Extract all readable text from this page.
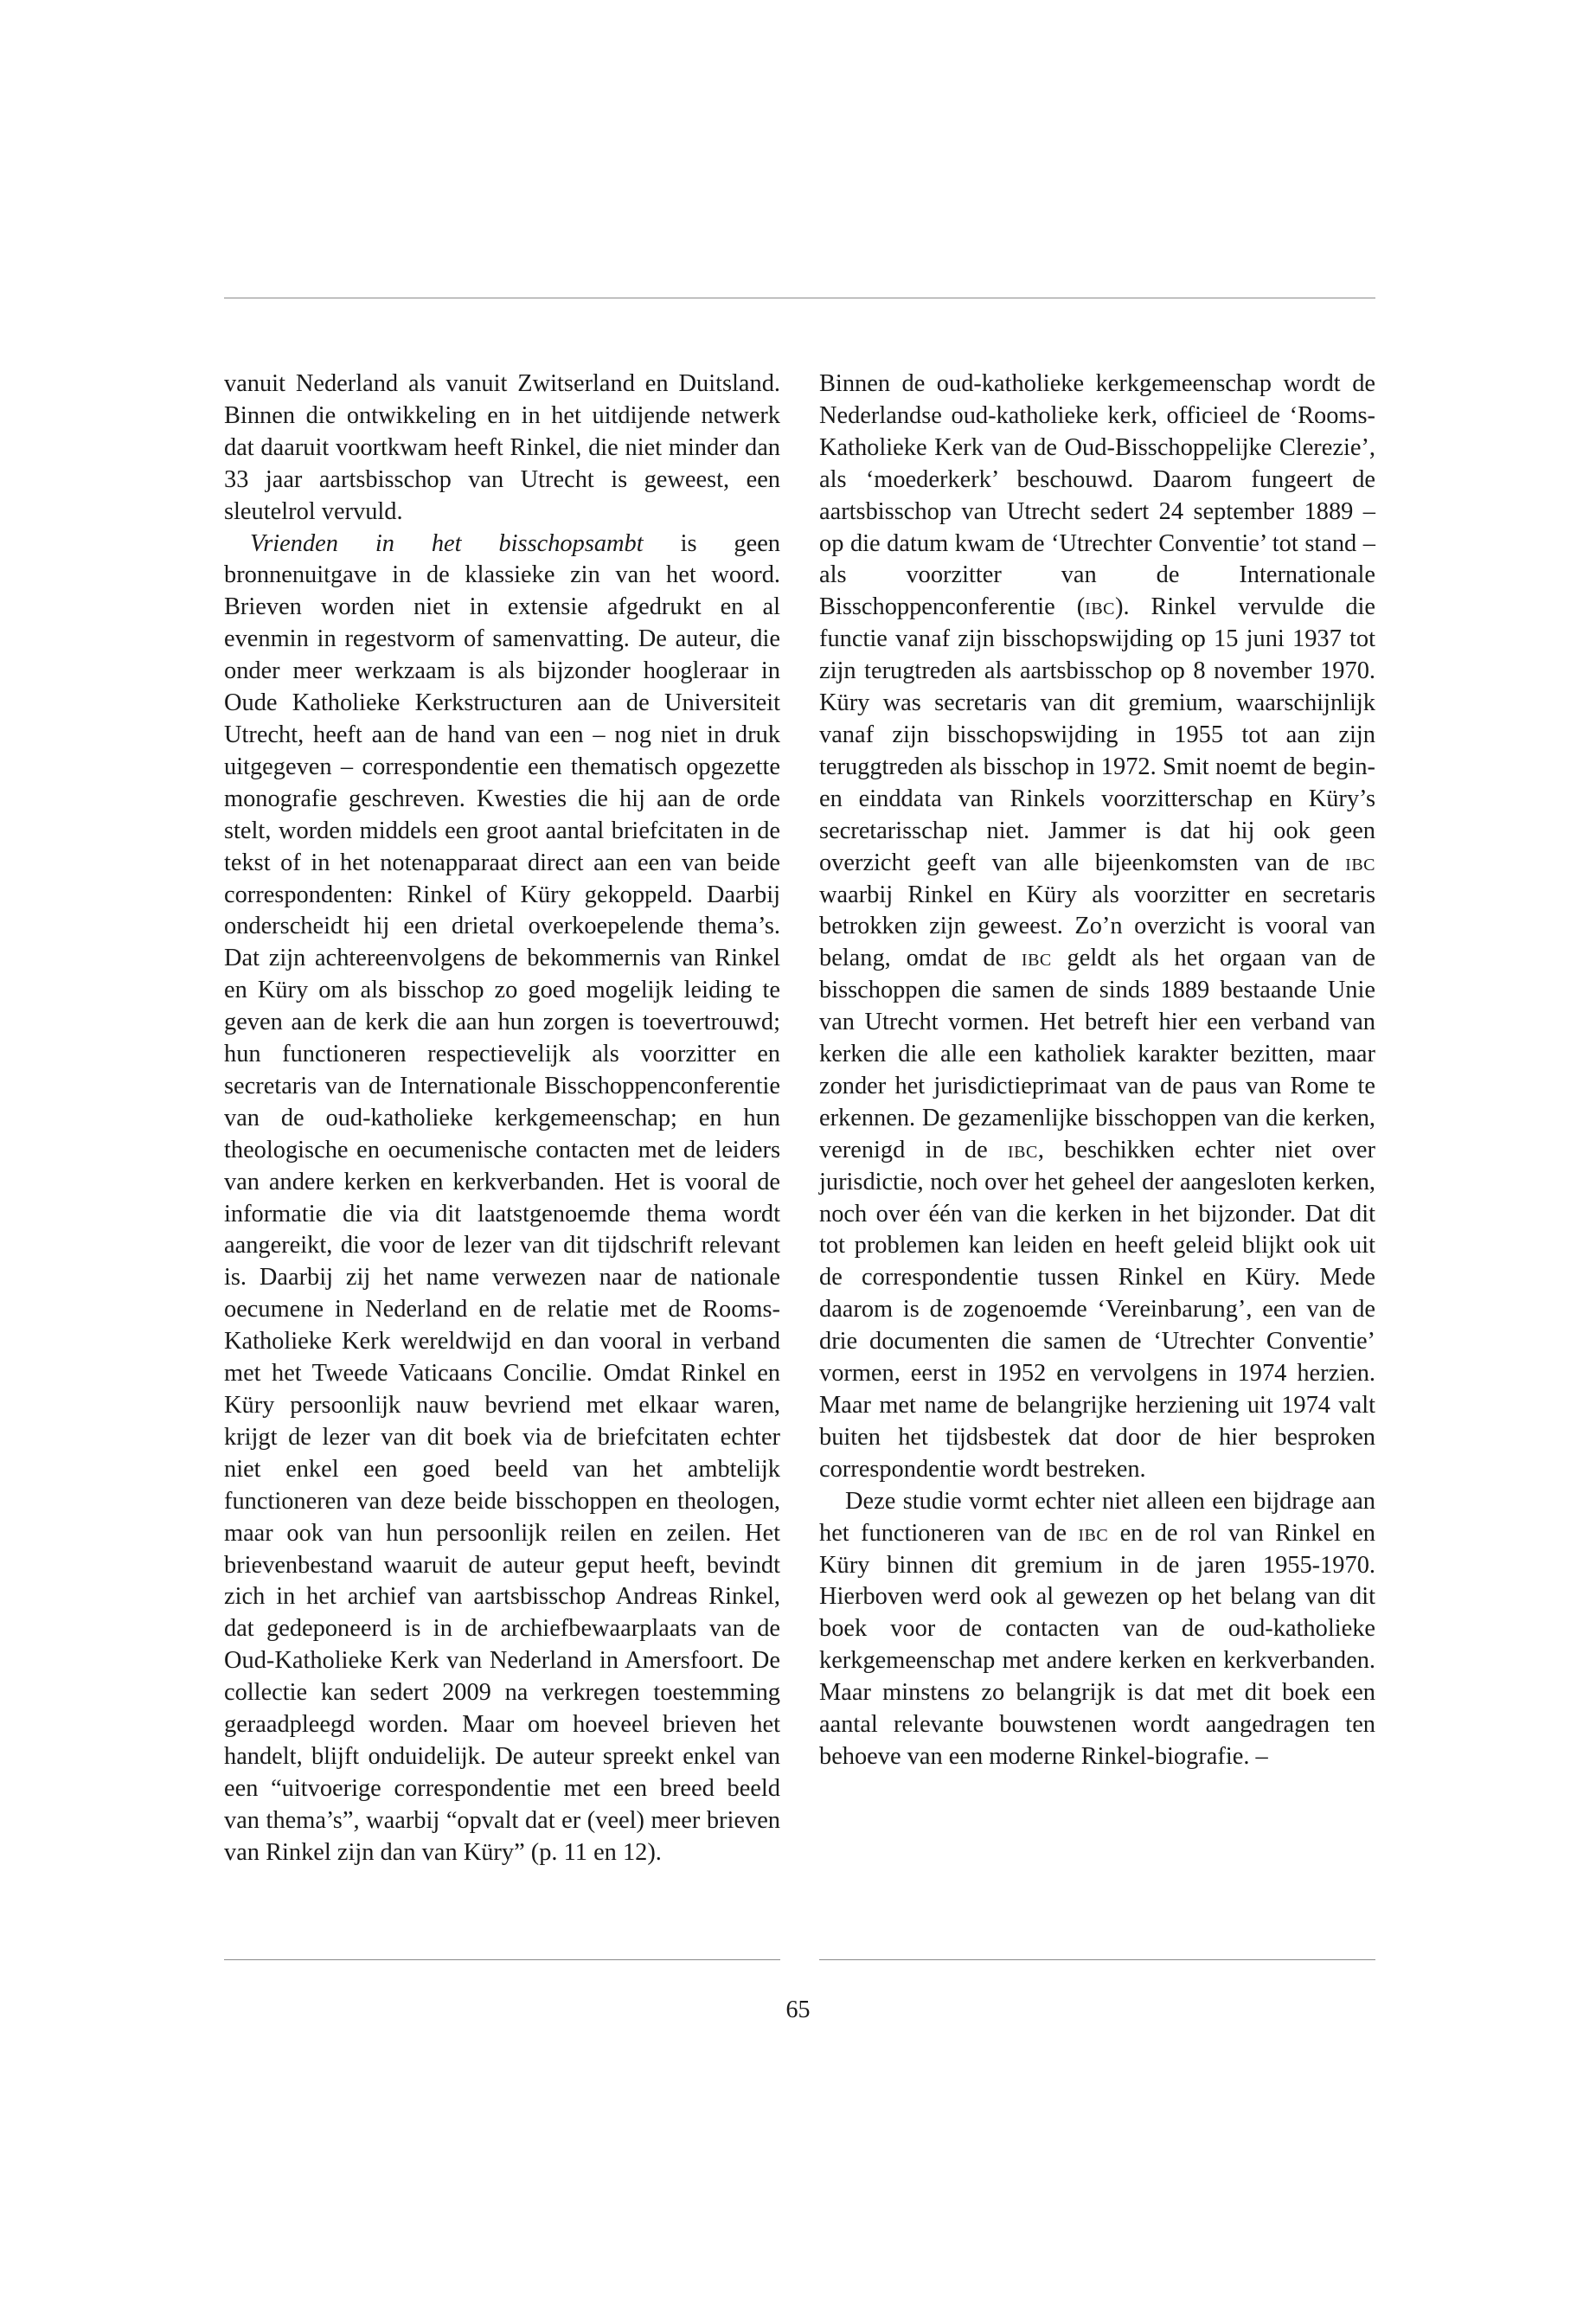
vanuit Nederland als vanuit Zwitserland en Duitsland. Binnen die ontwikkeling en in het uitdijende netwerk dat daaruit voortkwam heeft Rinkel, die niet minder dan 33 jaar aartsbisschop van Utrecht is geweest, een sleutelrol vervuld.

Vrienden in het bisschopsambt is geen bronnenuitgave in de klassieke zin van het woord. Brieven worden niet in extensie afgedrukt en al evenmin in regestvorm of samenvatting. De auteur, die onder meer werkzaam is als bijzonder hoogleraar in Oude Katholieke Kerkstructuren aan de Universiteit Utrecht, heeft aan de hand van een – nog niet in druk uitgegeven – correspondentie een thematisch opgezette monografie geschreven. Kwesties die hij aan de orde stelt, worden middels een groot aantal briefcitaten in de tekst of in het notenapparaat direct aan een van beide correspondenten: Rinkel of Küry gekoppeld. Daarbij onderscheidt hij een drietal overkoepelende thema’s. Dat zijn achtereenvolgens de bekommernis van Rinkel en Küry om als bisschop zo goed mogelijk leiding te geven aan de kerk die aan hun zorgen is toevertrouwd; hun functioneren respectievelijk als voorzitter en secretaris van de Internationale Bisschoppenconferentie van de oud-katholieke kerkgemeenschap; en hun theologische en oecumenische contacten met de leiders van andere kerken en kerkverbanden. Het is vooral de informatie die via dit laatstgenoemde thema wordt aangereikt, die voor de lezer van dit tijdschrift relevant is. Daarbij zij het name verwezen naar de nationale oecumene in Nederland en de relatie met de Rooms-Katholieke Kerk wereldwijd en dan vooral in verband met het Tweede Vaticaans Concilie. Omdat Rinkel en Küry persoonlijk nauw bevriend met elkaar waren, krijgt de lezer van dit boek via de briefcitaten echter niet enkel een goed beeld van het ambtelijk functioneren van deze beide bisschoppen en theologen, maar ook van hun persoonlijk reilen en zeilen. Het brievenbestand waaruit de auteur geput heeft, bevindt zich in het archief van aartsbisschop Andreas Rinkel, dat gedeponeerd is in de archiefbewaarplaats van de Oud-Katholieke Kerk van Nederland in Amersfoort. De collectie kan sedert 2009 na verkregen toestemming geraadpleegd worden. Maar om hoeveel brieven het handelt, blijft onduidelijk. De auteur spreekt enkel van een “uitvoerige correspondentie met een breed beeld van thema’s”, waarbij “opvalt dat er (veel) meer brieven van Rinkel zijn dan van Küry” (p. 11 en 12).

Binnen de oud-katholieke kerkgemeenschap wordt de Nederlandse oud-katholieke kerk, officieel de ‘Rooms-Katholieke Kerk van de Oud-Bisschoppelijke Clerezie’, als ‘moederkerk’ beschouwd. Daarom fungeert de aartsbisschop van Utrecht sedert 24 september 1889 – op die datum kwam de ‘Utrechter Conventie’ tot stand – als voorzitter van de Internationale Bisschoppenconferentie (ibc). Rinkel vervulde die functie vanaf zijn bisschopswijding op 15 juni 1937 tot zijn terugtreden als aartsbisschop op 8 november 1970. Küry was secretaris van dit gremium, waarschijnlijk vanaf zijn bisschopswijding in 1955 tot aan zijn teruggtreden als bisschop in 1972. Smit noemt de begin- en einddata van Rinkels voorzitterschap en Küry’s secretarisschap niet. Jammer is dat hij ook geen overzicht geeft van alle bijeenkomsten van de ibc waarbij Rinkel en Küry als voorzitter en secretaris betrokken zijn geweest. Zo’n overzicht is vooral van belang, omdat de ibc geldt als het orgaan van de bisschoppen die samen de sinds 1889 bestaande Unie van Utrecht vormen. Het betreft hier een verband van kerken die alle een katholiek karakter bezitten, maar zonder het jurisdictieprimaat van de paus van Rome te erkennen. De gezamenlijke bisschoppen van die kerken, verenigd in de ibc, beschikken echter niet over jurisdictie, noch over het geheel der aangesloten kerken, noch over één van die kerken in het bijzonder. Dat dit tot problemen kan leiden en heeft geleid blijkt ook uit de correspondentie tussen Rinkel en Küry. Mede daarom is de zogenoemde ‘Vereinbarung’, een van de drie documenten die samen de ‘Utrechter Conventie’ vormen, eerst in 1952 en vervolgens in 1974 herzien. Maar met name de belangrijke herziening uit 1974 valt buiten het tijdsbestek dat door de hier besproken correspondentie wordt bestreken.

Deze studie vormt echter niet alleen een bijdrage aan het functioneren van de ibc en de rol van Rinkel en Küry binnen dit gremium in de jaren 1955-1970. Hierboven werd ook al gewezen op het belang van dit boek voor de contacten van de oud-katholieke kerkgemeenschap met andere kerken en kerkverbanden. Maar minstens zo belangrijk is dat met dit boek een aantal relevante bouwstenen wordt aangedragen ten behoeve van een moderne Rinkel-biografie. –

65
